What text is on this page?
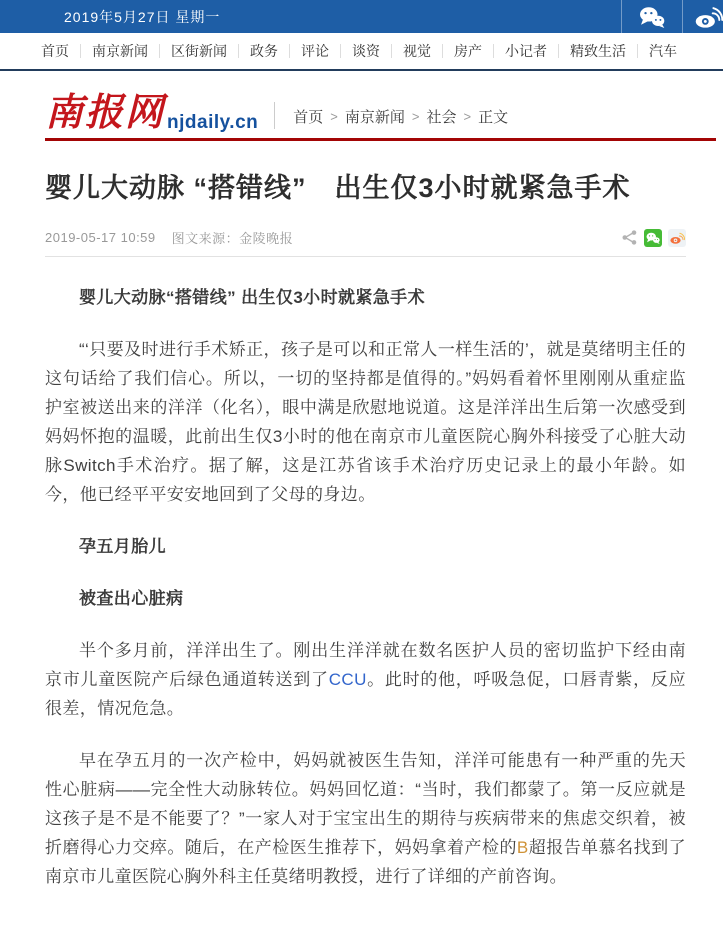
2019年5月27日 星期一
首页	南京新闻	区街新闻	政务	评论	谈资	视觉	房产	小记者	精致生活	汽车
南报网 njdaily.cn 首页 > 南京新闻 > 社会 > 正文
婴儿大动脉 “搭错线”　出生仅3小时就紧急手术
2019-05-17 10:59 图文来源：金陵晚报
婴儿大动脉“搭错线” 出生仅3小时就紧急手术

“‘只要及时进行手术矫正，孩子是可以和正常人一样生活的’，就是莫绪明主任的这句话给了我们信心。所以，一切的坚持都是值得的。”妈妈看着怀里刚刚从重症监护室被送出来的洋洋（化名），眼中满是欣慰地说道。这是洋洋出生后第一次感受到妈妈怀抱的温暖，此前出生仅3小时的他在南京市儿童医院心胸外科接受了心脏大动脉Switch手术治疗。据了解，这是江苏省该手术治疗历史记录上的最小年龄。如今，他已经平平安安地回到了父母的身边。

孕五月胎儿
被查出心脏病

半个多月前，洋洋出生了。刚出生洋洋就在数名医护人员的密切监护下经由南京市儿童医院产后绿色通道转送到了CCU。此时的他，呼吸急促，口唇青紫，反应很差，情况危急。

早在孕五月的一次产检中，妈妈就被医生告知，洋洋可能患有一种严重的先天性心脏病——完全性大动脉转位。妈妈回忆道：“当时，我们都蒙了。第一反应就是这孩子是不是不能要了？”一家人对于宝宝出生的期待与疾病带来的焦虑交织着，被折磨得心力交瘁。随后，在产检医生推荐下，妈妈拿着产检的B超报告单慕名找到了南京市儿童医院心胸外科主任莫绪明教授，进行了详细的产前咨询。
